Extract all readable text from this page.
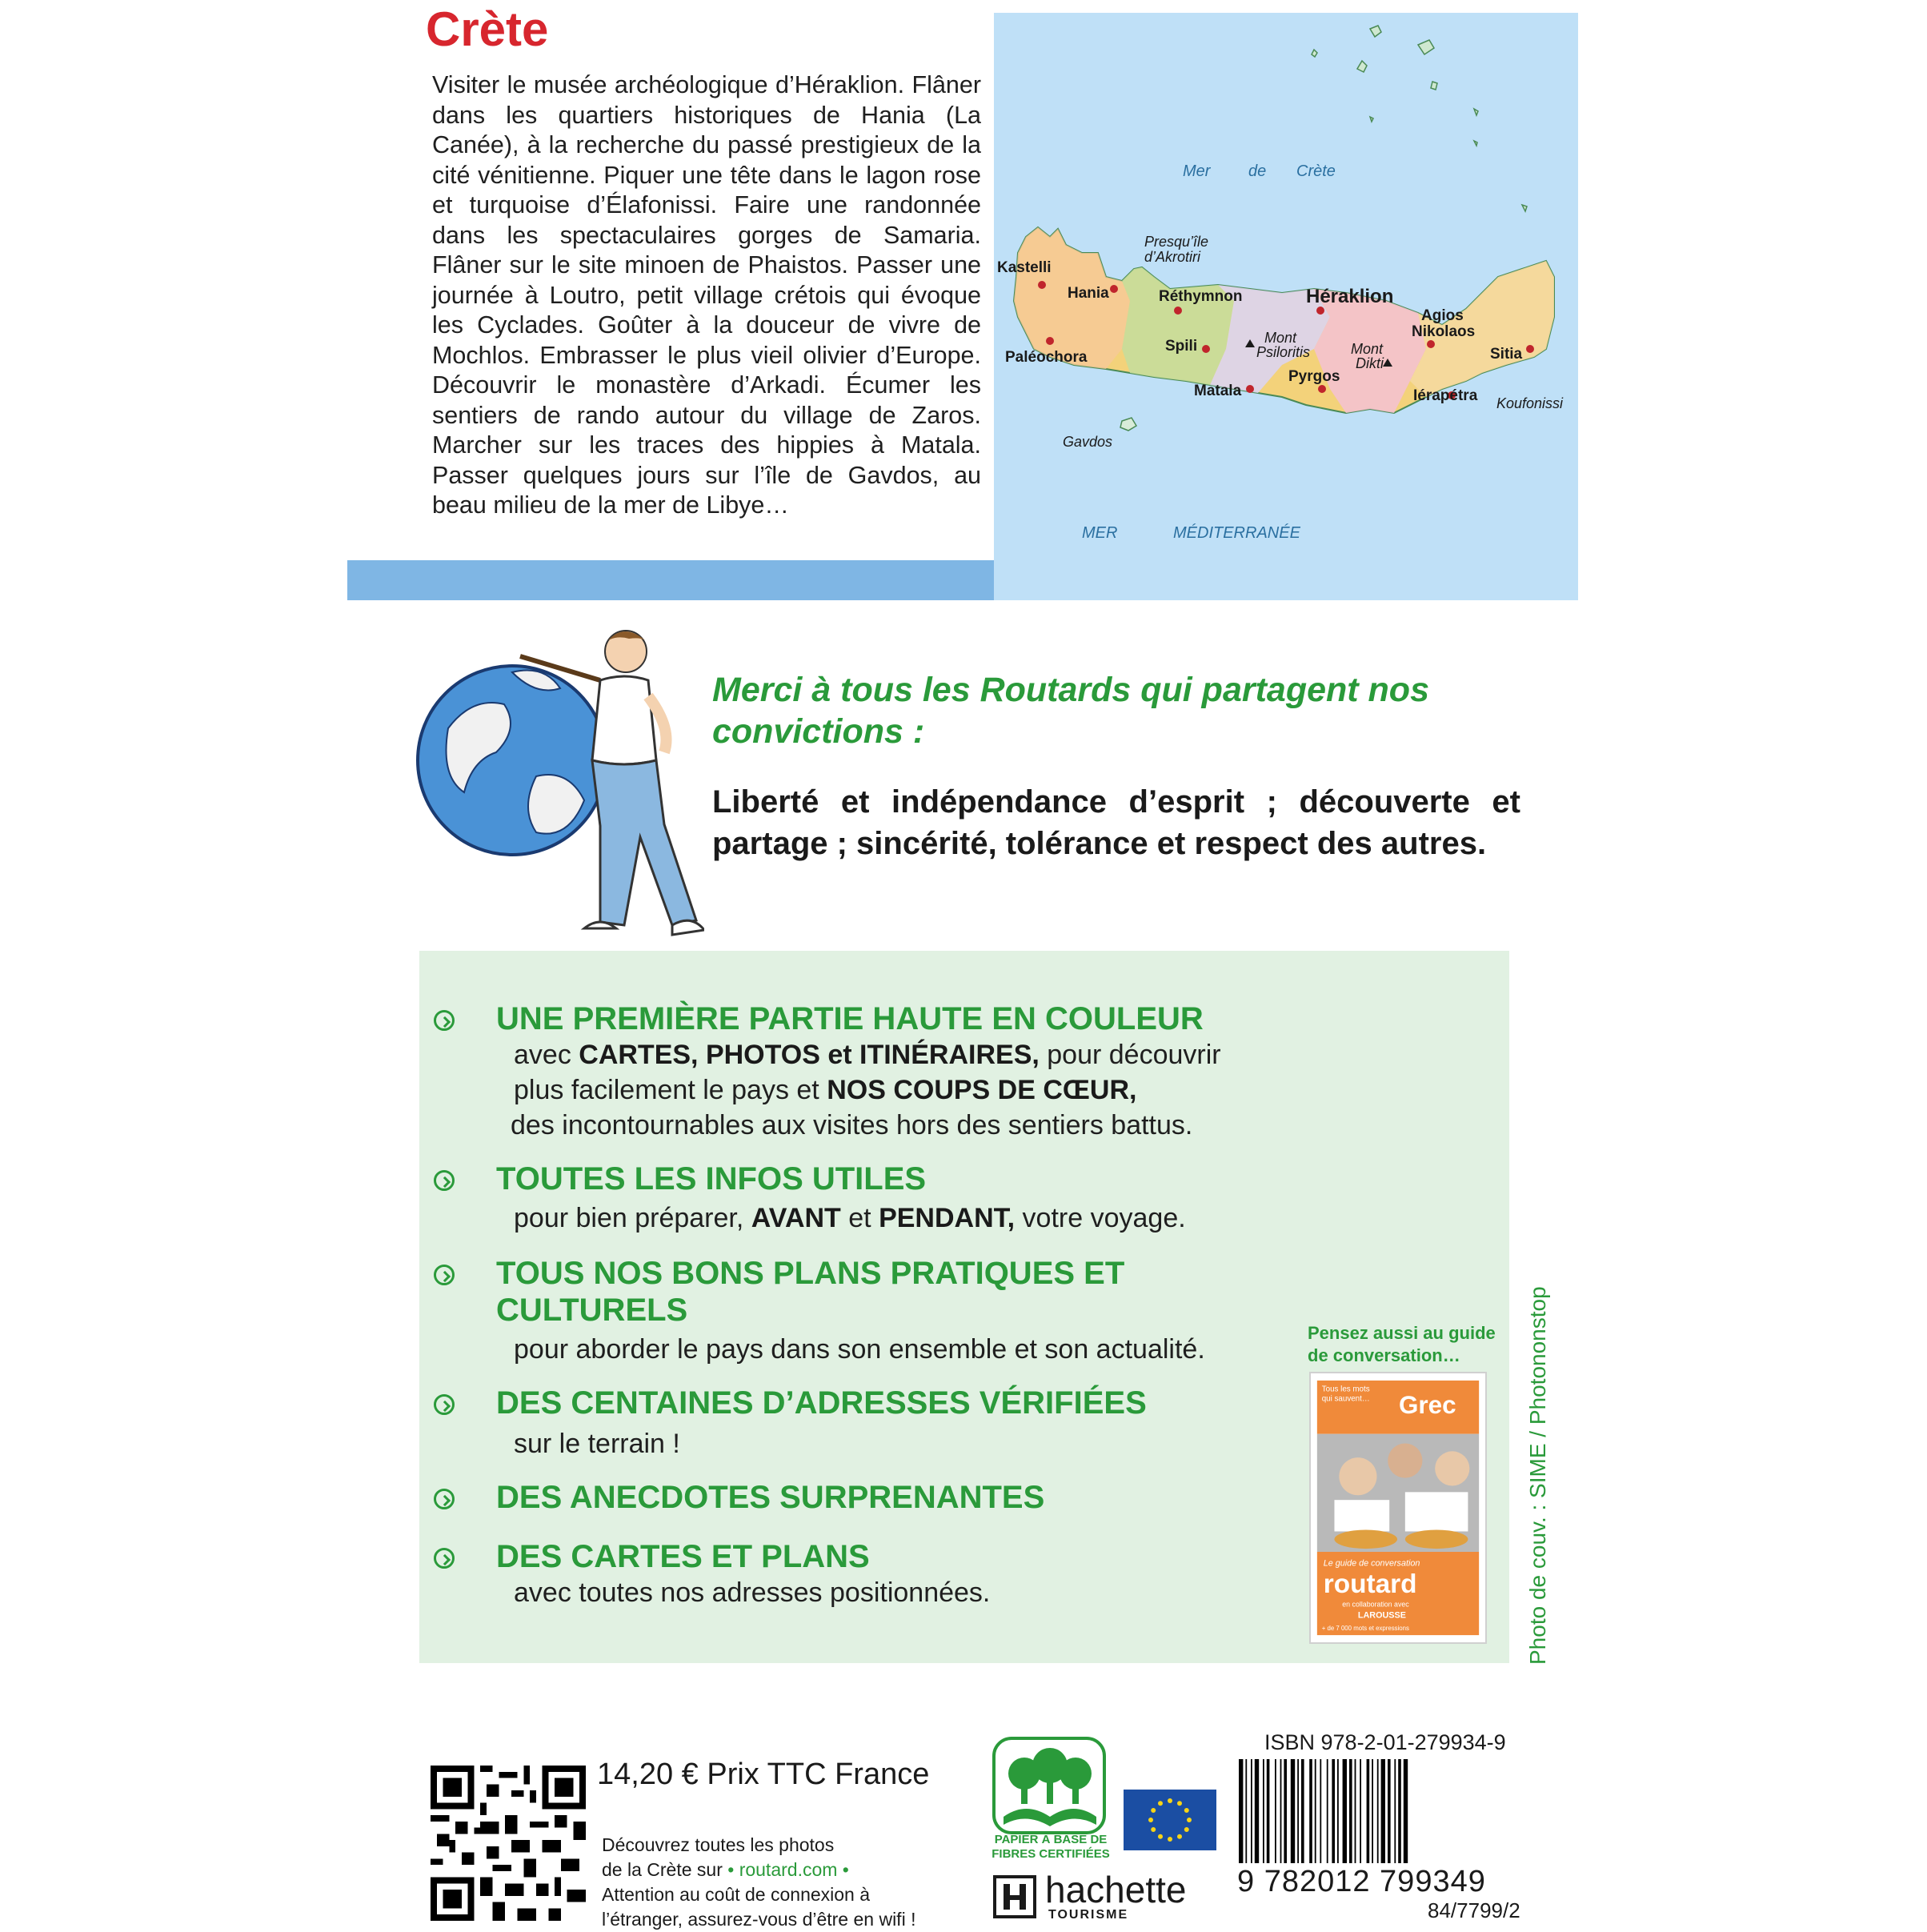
Crète
Visiter le musée archéologique d’Héraklion. Flâner dans les quartiers historiques de Hania (La Canée), à la recherche du passé prestigieux de la cité vénitienne. Piquer une tête dans le lagon rose et turquoise d’Élafonissi. Faire une randonnée dans les spectaculaires gorges de Samaria. Flâner sur le site minoen de Phaistos. Passer une journée à Loutro, petit village crétois qui évoque les Cyclades. Goûter à la douceur de vivre de Mochlos. Embrasser le plus vieil olivier d’Europe. Découvrir le monastère d’Arkadi. Écumer les sentiers de rando autour du village de Zaros. Marcher sur les traces des hippies à Matala. Passer quelques jours sur l’île de Gavdos, au beau milieu de la mer de Libye…
Mer de Crète
MER	MÉDITERRANÉE
Kastelli
Hania	Réthymnon	Héraklion
Agios
Nikolaos
Paléochora
Spili	Sitia
Pyrgos
Matala	Iérapétra
Presqu’île
d’Akrotiri
Mont
Psiloritis	Mont
Dikti
Koufonissi
Gavdos
Merci à tous les Routards qui partagent nos convictions :
Liberté et indépendance d’esprit ; découverte et partage ; sincérité, tolérance et respect des autres.
UNE PREMIÈRE PARTIE HAUTE EN COULEUR
avec CARTES, PHOTOS et ITINÉRAIRES, pour découvrir
plus facilement le pays et NOS COUPS DE CŒUR,
des incontournables aux visites hors des sentiers battus.
TOUTES LES INFOS UTILES
pour bien préparer, AVANT et PENDANT, votre voyage.
TOUS NOS BONS PLANS PRATIQUES ET
CULTURELS
pour aborder le pays dans son ensemble et son actualité.
DES CENTAINES D’ADRESSES VÉRIFIÉES
sur le terrain !
DES ANECDOTES SURPRENANTES
DES CARTES ET PLANS
avec toutes nos adresses positionnées.
Pensez aussi au guide de conversation…
Tous les mots
qui sauvent… Grec
Le guide de conversation
routard
en collaboration avec
LAROUSSE
+ de 7 000 mots et expressions	Photo de couv. : SIME / Photononstop
14,20 € Prix TTC France
Découvrez toutes les photos
de la Crète sur • routard.com •
Attention au coût de connexion à
l’étranger, assurez-vous d’être en wifi !
PAPIER À BASE DE
FIBRES CERTIFIÉES
hachette
TOURISME
ISBN 978-2-01-279934-9
9 782012 799349
84/7799/2
